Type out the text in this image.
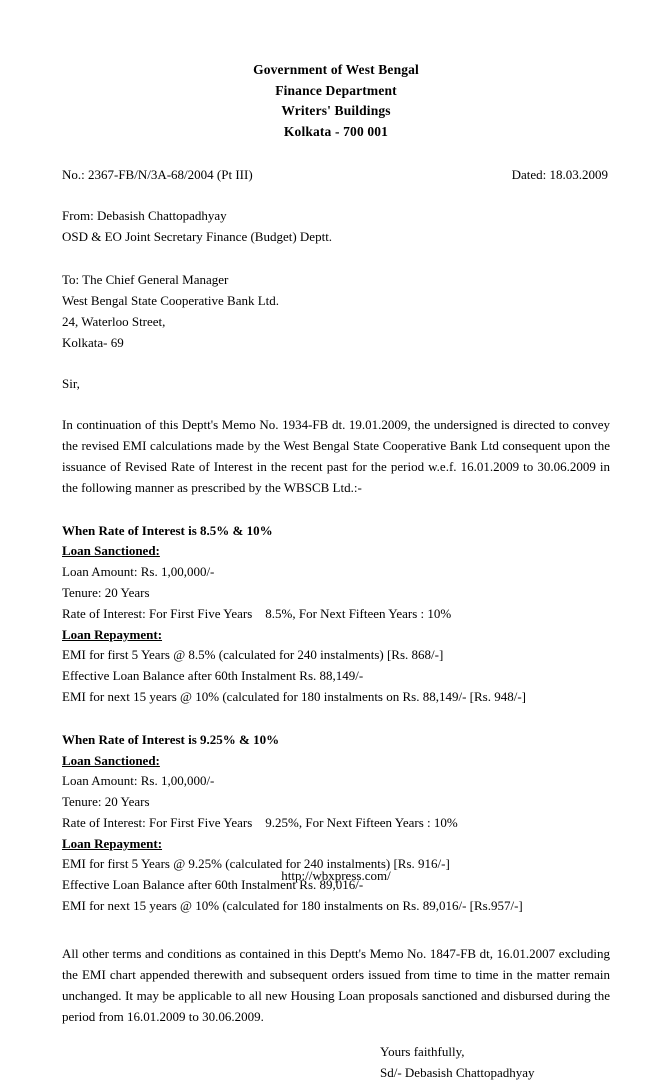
Government of West Bengal
Finance Department
Writers' Buildings
Kolkata - 700 001
No.: 2367-FB/N/3A-68/2004 (Pt III)	Dated: 18.03.2009
From: Debasish Chattopadhyay
OSD & EO Joint Secretary Finance (Budget) Deptt.
To: The Chief General Manager
West Bengal State Cooperative Bank Ltd.
24, Waterloo Street,
Kolkata- 69
Sir,

In continuation of this Deptt's Memo No. 1934-FB dt. 19.01.2009, the undersigned is directed to convey the revised EMI calculations made by the West Bengal State Cooperative Bank Ltd consequent upon the issuance of Revised Rate of Interest in the recent past for the period w.e.f. 16.01.2009 to 30.06.2009 in the following manner as prescribed by the WBSCB Ltd.:-

When Rate of Interest is 8.5% & 10%
Loan Sanctioned:
Loan Amount: Rs. 1,00,000/-
Tenure: 20 Years
Rate of Interest: For First Five Years    8.5%, For Next Fifteen Years : 10%
Loan Repayment:
EMI for first 5 Years @ 8.5% (calculated for 240 instalments) [Rs. 868/-]
Effective Loan Balance after 60th Instalment Rs. 88,149/-
EMI for next 15 years @ 10% (calculated for 180 instalments on Rs. 88,149/- [Rs. 948/-]
When Rate of Interest is 9.25% & 10%
Loan Sanctioned:
Loan Amount: Rs. 1,00,000/-
Tenure: 20 Years
Rate of Interest: For First Five Years    9.25%, For Next Fifteen Years : 10%
Loan Repayment:
EMI for first 5 Years @ 9.25% (calculated for 240 instalments) [Rs. 916/-]
Effective Loan Balance after 60th Instalment Rs. 89,016/-
EMI for next 15 years @ 10% (calculated for 180 instalments on Rs. 89,016/- [Rs.957/-]

All other terms and conditions as contained in this Deptt's Memo No. 1847-FB dt, 16.01.2007 excluding the EMI chart appended therewith and subsequent orders issued from time to time in the matter remain unchanged. It may be applicable to all new Housing Loan proposals sanctioned and disbursed during the period from 16.01.2009 to 30.06.2009.

Yours faithfully,
Sd/- Debasish Chattopadhyay
http://wbxpress.com/
